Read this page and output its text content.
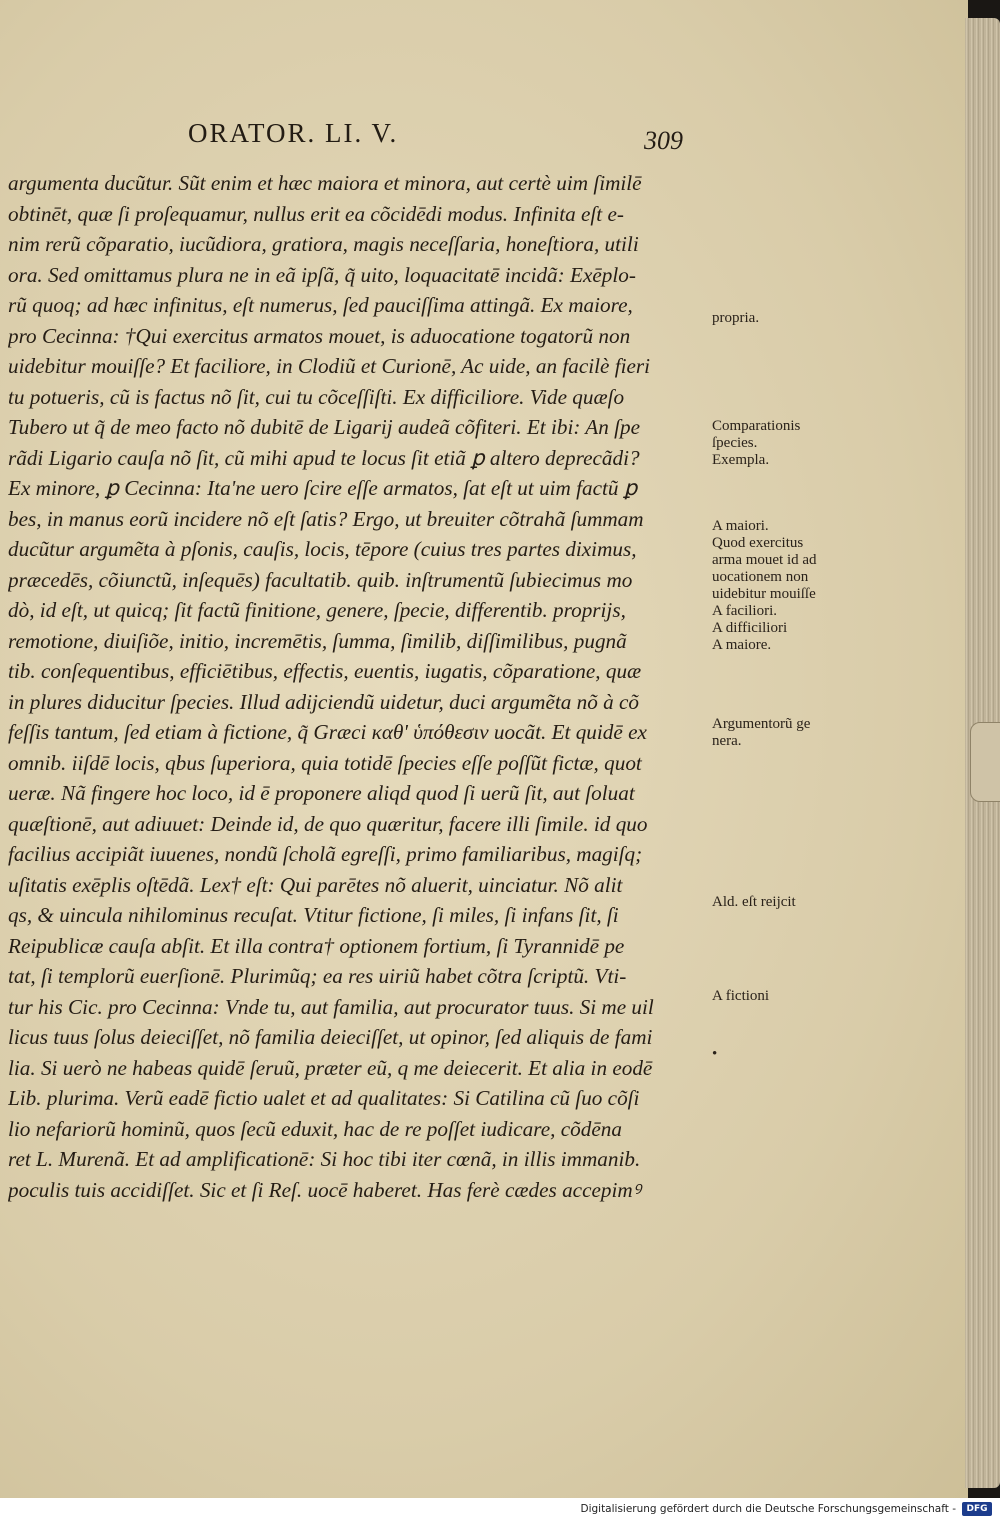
ORATOR. LI. V.	309
argumenta ducũtur. Sũt enim et hæc maiora et minora, aut certè uim ſimilē
obtinēt, quæ ſi proſequamur, nullus erit ea cõcidēdi modus. Infinita eſt e-
nim rerũ cõparatio, iucũdiora, gratiora, magis neceſſaria, honeſtiora, utili
ora. Sed omittamus plura ne in eã ipſã, q̃ uito, loquacitatē incidã: Exēplo-
rũ quoq; ad hæc infinitus, eſt numerus, ſed pauciſſima attingã. Ex maiore,
pro Cecinna: †Qui exercitus armatos mouet, is aduocatione togatorũ non
uidebitur mouiſſe? Et faciliore, in Clodiũ et Curionē, Ac uide, an facilè fieri
tu potueris, cũ is factus nõ ſit, cui tu cõceſſiſti. Ex difficiliore. Vide quæſo
Tubero ut q̃ de meo facto nõ dubitē de Ligarij audeã cõfiteri. Et ibi: An ſpe
rãdi Ligario cauſa nõ ſit, cũ mihi apud te locus ſit etiã ꝑ altero deprecãdi?
Ex minore, ꝑ Cecinna: Ita'ne uero ſcire eſſe armatos, ſat eſt ut uim factũ ꝑ
bes, in manus eorũ incidere nõ eſt ſatis? Ergo, ut breuiter cõtrahã ſummam
ducũtur argumẽta à pſonis, cauſis, locis, tēpore (cuius tres partes diximus,
præcedēs, cõiunctũ, inſequēs) facultatib. quib. inſtrumentũ ſubiecimus mo
dò, id eſt, ut quicq; ſit factũ finitione, genere, ſpecie, differentib. proprijs,
remotione, diuiſiõe, initio, incremētis, ſumma, ſimilib, diſſimilibus, pugnã
tib. conſequentibus, efficiētibus, effectis, euentis, iugatis, cõparatione, quæ
in plures diducitur ſpecies. Illud adijciendũ uidetur, duci argumẽta nõ à cõ
feſſis tantum, ſed etiam à fictione, q̃ Græci καθ' ὑπόθεσιν uocãt. Et quidē ex
omnib. iiſdē locis, qbus ſuperiora, quia totidē ſpecies eſſe poſſũt fictæ, quot
ueræ. Nã fingere hoc loco, id ē proponere aliqd quod ſi uerũ ſit, aut ſoluat
quæſtionē, aut adiuuet: Deinde id, de quo quæritur, facere illi ſimile. id quo
facilius accipiãt iuuenes, nondũ ſcholã egreſſi, primo familiaribus, magiſq;
uſitatis exēplis oſtēdã. Lex† eſt: Qui parētes nõ aluerit, uinciatur. Nõ alit
qs, & uincula nihilominus recuſat. Vtitur fictione, ſi miles, ſi infans ſit, ſi
Reipublicæ cauſa abſit. Et illa contra† optionem fortium, ſi Tyrannidē pe
tat, ſi templorũ euerſionē. Plurimũq; ea res uiriũ habet cõtra ſcriptũ. Vti-
tur his Cic. pro Cecinna: Vnde tu, aut familia, aut procurator tuus. Si me uil
licus tuus ſolus deieciſſet, nõ familia deieciſſet, ut opinor, ſed aliquis de fami
lia. Si uerò ne habeas quidē ſeruũ, præter eũ, q me deiecerit. Et alia in eodē
Lib. plurima. Verũ eadē fictio ualet et ad qualitates: Si Catilina cũ ſuo cõſi
lio nefariorũ hominũ, quos ſecũ eduxit, hac de re poſſet iudicare, cõdēna
ret L. Murenã. Et ad amplificationē: Si hoc tibi iter cœnã, in illis immanib.
poculis tuis accidiſſet. Sic et ſi Reſ. uocē haberet. Has ferè cædes accepimꝰ
propria.
Comparationis
ſpecies.
Exempla.
A maiori.
Quod exercitus
arma mouet id ad
uocationem non
uidebitur mouiſſe
A faciliori.
A difficiliori
A maiore.
Argumentorũ ge
nera.
Ald. eſt reijcit
A fictioni
•
Digitalisierung gefördert durch die Deutsche Forschungsgemeinschaft -	DFG
